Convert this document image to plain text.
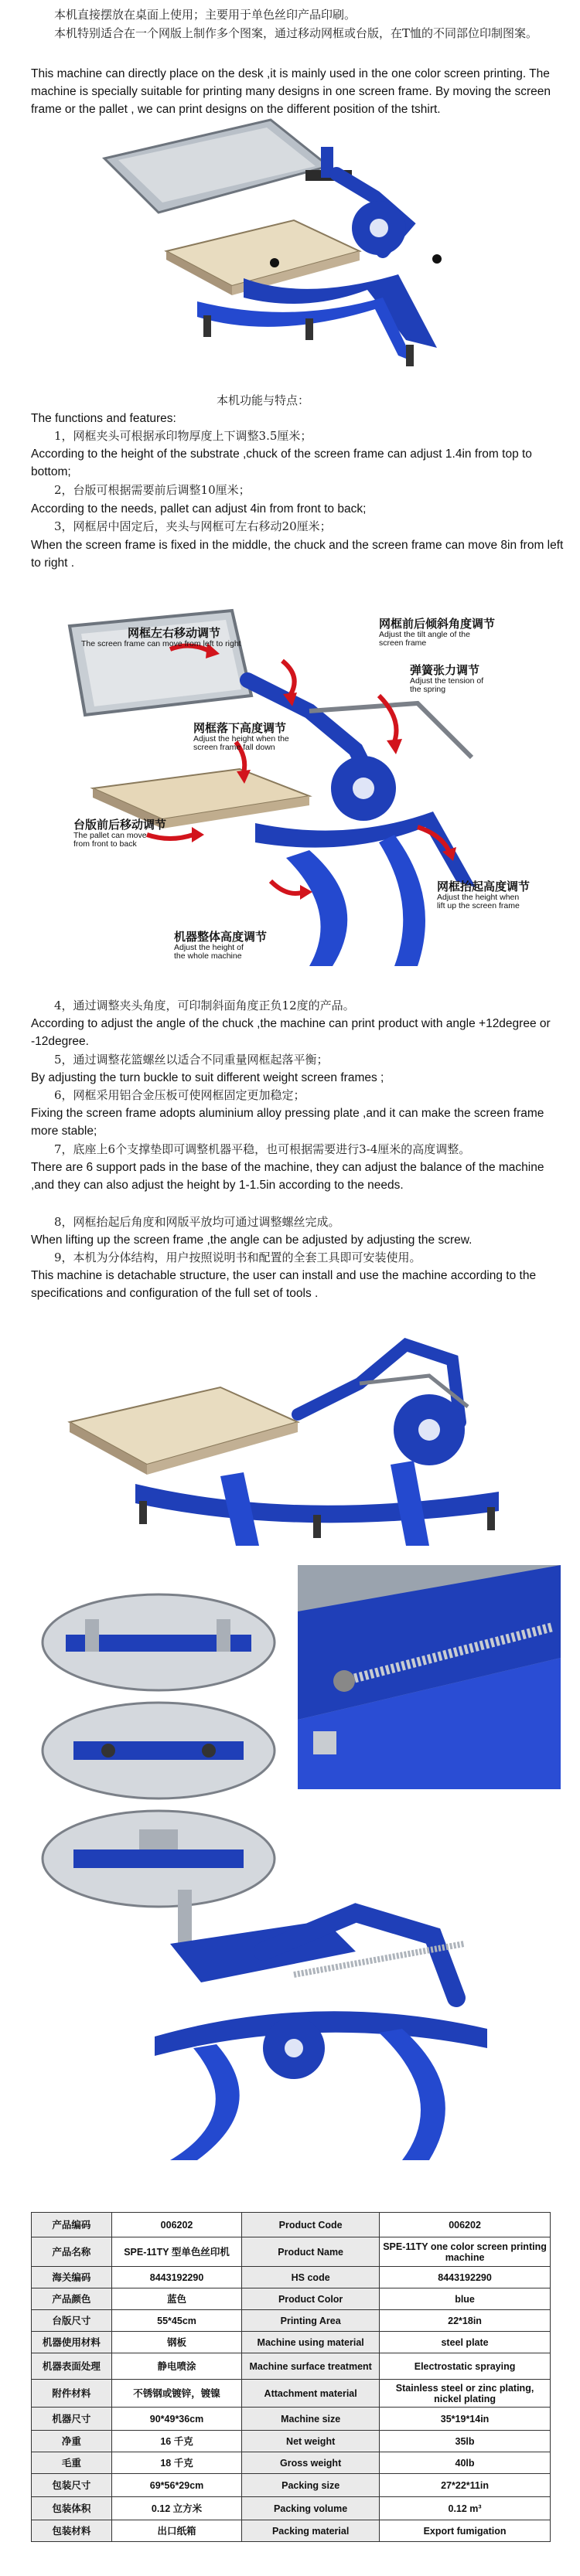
本机直接摆放在桌面上使用；主要用于单色丝印产品印刷。

本机特别适合在一个网版上制作多个图案，通过移动网框或台版，在T恤的不同部位印制图案。

This machine can directly place on the desk ,it is mainly used in the one color screen printing. The machine is specially suitable for printing many designs in one screen frame. By moving the screen frame or the pallet , we can print designs on the different position of the tshirt.

本机功能与特点：

The functions and features:

1，网框夹头可根据承印物厚度上下调整3.5厘米；

According to the height of the substrate ,chuck of the screen frame can adjust 1.4in from top to bottom;

2，台版可根据需要前后调整10厘米；

According to the needs, pallet can adjust 4in from front to back;

3，网框居中固定后，夹头与网框可左右移动20厘米；

When the screen frame is fixed in the middle, the chuck and the screen frame can move 8in from left to right .

网框左右移动调节
The screen frame can move from left to right
网框前后倾斜角度调节
Adjust the tilt angle of the
screen frame
弹簧张力调节
Adjust the tension of
the spring
网框落下高度调节
Adjust the height when the
screen frame fall down
台版前后移动调节
The pallet can move
from front to back
网框抬起高度调节
Adjust the height when
lift up the screen frame
机器整体高度调节
Adjust the height of
the whole machine

4，通过调整夹头角度，可印制斜面角度正负12度的产品。

According to adjust the angle of the chuck ,the machine can print product with angle +12degree or -12degree.

5，通过调整花篮螺丝以适合不同重量网框起落平衡；

By adjusting the turn buckle to suit different weight screen frames ;

6，网框采用铝合金压板可使网框固定更加稳定；

Fixing the screen frame adopts aluminium alloy pressing plate ,and it can make the screen frame more stable;

7，底座上6个支撑垫即可调整机器平稳，也可根据需要进行3-4厘米的高度调整。

There are 6 support pads in the base of the machine, they can adjust the balance of the machine ,and they can also adjust the height by 1-1.5in according to the needs.

8，网框抬起后角度和网版平放均可通过调整螺丝完成。

When lifting up the screen frame ,the angle can be adjusted by adjusting the screw.

9，本机为分体结构，用户按照说明书和配置的全套工具即可安装使用。

This machine is detachable structure, the user can install and use the machine according to the specifications and configuration of the full set of tools .

产品编码	006202	Product Code	006202
产品名称	SPE-11TY 型单色丝印机	Product Name	SPE-11TY one color screen printing machine
海关编码	8443192290	HS code	8443192290
产品颜色	蓝色	Product Color	blue
台版尺寸	55*45cm	Printing Area	22*18in
机器使用材料	钢板	Machine using material	steel plate
机器表面处理	静电喷涂	Machine surface treatment	Electrostatic spraying
附件材料	不锈钢或镀锌，镀镍	Attachment material	Stainless steel or zinc plating, nickel plating
机器尺寸	90*49*36cm	Machine size	35*19*14in
净重	16 千克	Net weight	35lb
毛重	18 千克	Gross weight	40lb
包装尺寸	69*56*29cm	Packing size	27*22*11in
包装体积	0.12 立方米	Packing volume	0.12 m³
包装材料	出口纸箱	Packing material	Export fumigation
